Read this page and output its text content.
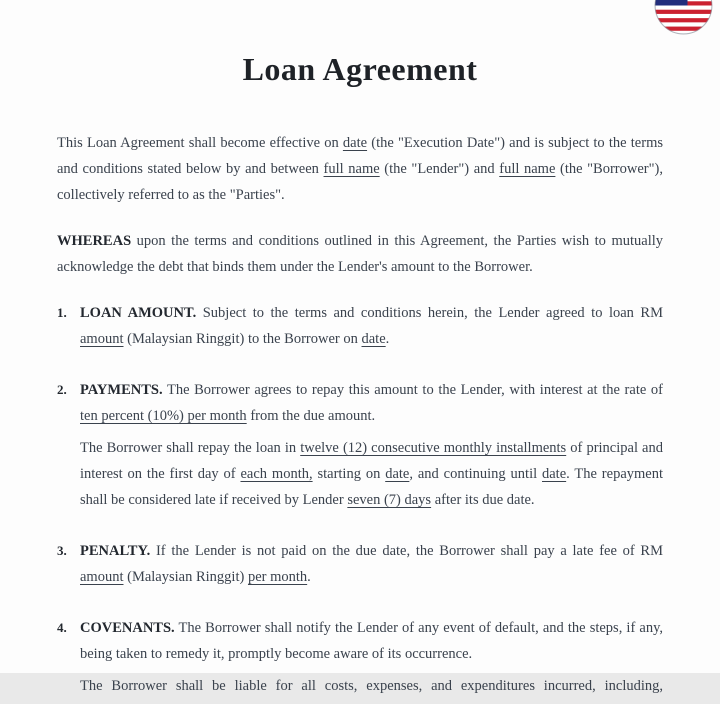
Loan Agreement

This Loan Agreement shall become effective on date (the "Execution Date") and is subject to the terms and conditions stated below by and between full name (the "Lender") and full name (the "Borrower"), collectively referred to as the "Parties".

WHEREAS upon the terms and conditions outlined in this Agreement, the Parties wish to mutually acknowledge the debt that binds them under the Lender's amount to the Borrower.

1. LOAN AMOUNT. Subject to the terms and conditions herein, the Lender agreed to loan RM amount (Malaysian Ringgit) to the Borrower on date.

2. PAYMENTS. The Borrower agrees to repay this amount to the Lender, with interest at the rate of ten percent (10%) per month from the due amount.

The Borrower shall repay the loan in twelve (12) consecutive monthly installments of principal and interest on the first day of each month, starting on date, and continuing until date. The repayment shall be considered late if received by Lender seven (7) days after its due date.

3. PENALTY. If the Lender is not paid on the due date, the Borrower shall pay a late fee of RM amount (Malaysian Ringgit) per month.

4. COVENANTS. The Borrower shall notify the Lender of any event of default, and the steps, if any, being taken to remedy it, promptly become aware of its occurrence.

The Borrower shall be liable for all costs, expenses, and expenditures incurred, including,
